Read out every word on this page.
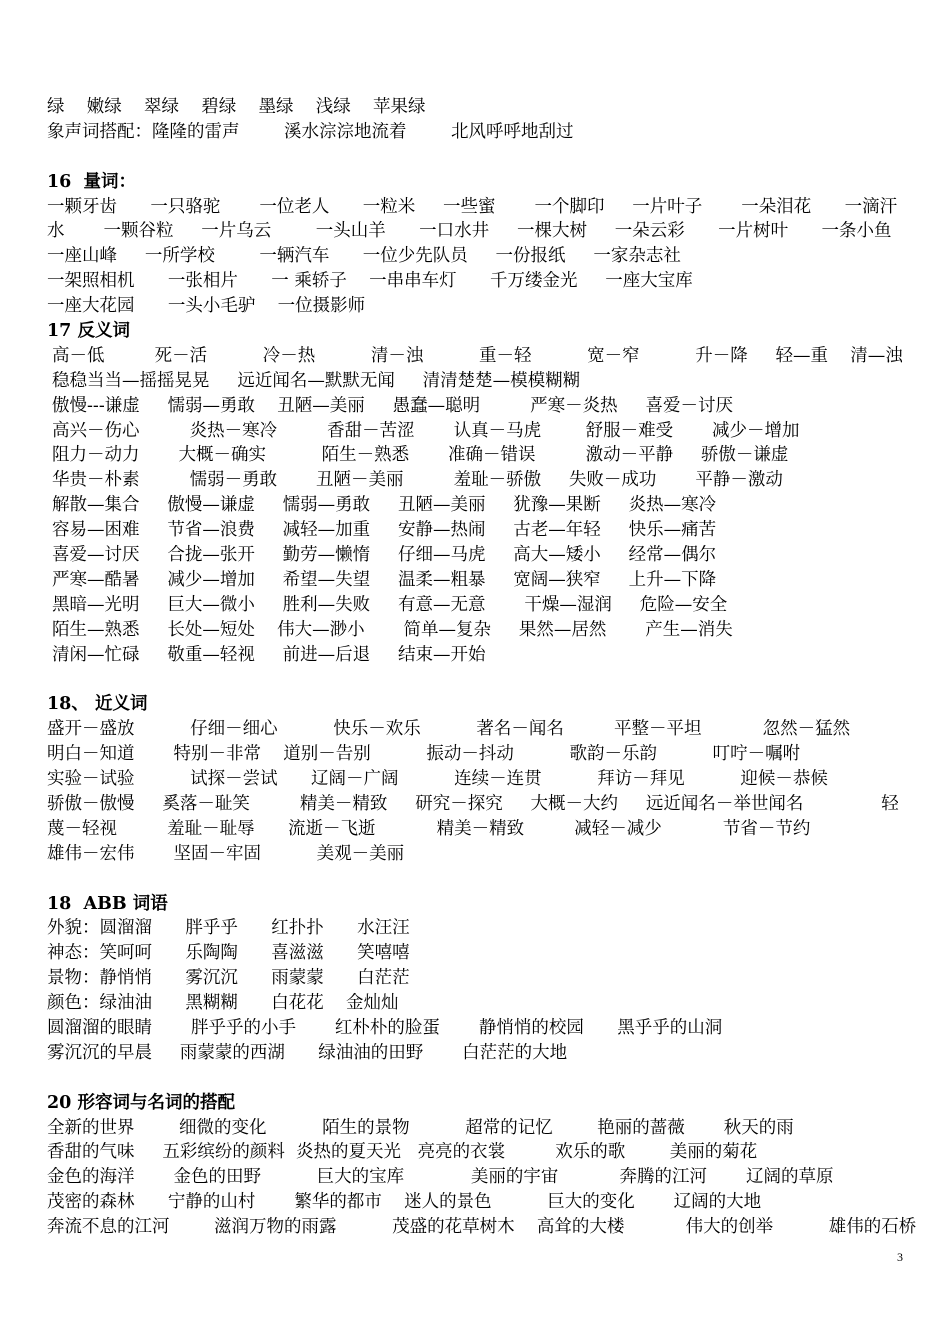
绿    嫩绿    翠绿    碧绿    墨绿    浅绿    苹果绿
象声词搭配：隆隆的雷声        溪水淙淙地流着        北风呼呼地刮过
16  量词：
一颗牙齿      一只骆驼       一位老人      一粒米     一些蜜       一个脚印     一片叶子       一朵泪花      一滴汗
水       一颗谷粒     一片乌云        一头山羊      一口水井     一棵大树     一朵云彩      一片树叶      一条小鱼
一座山峰     一所学校        一辆汽车      一位少先队员     一份报纸     一家杂志社
一架照相机      一张相片      一 乘轿子    一串串车灯      千万缕金光     一座大宝库
一座大花园      一头小毛驴    一位摄影师
17 反义词
高－低         死－活          冷－热          清－浊          重－轻          宽－窄          升－降     轻—重    清—浊
稳稳当当—摇摇晃晃     远近闻名—默默无闻     清清楚楚—模模糊糊
傲慢---谦虚     懦弱—勇敢    丑陋—美丽     愚蠢—聪明         严寒－炎热     喜爱－讨厌
高兴－伤心         炎热－寒冷         香甜－苦涩       认真－马虎        舒服－难受       减少－增加
阻力－动力       大概－确实          陌生－熟悉       准确－错误         激动－平静     骄傲－谦虚
华贵－朴素         懦弱－勇敢       丑陋－美丽         羞耻－骄傲     失败－成功       平静－激动
解散—集合     傲慢—谦虚     懦弱—勇敢     丑陋—美丽     犹豫—果断     炎热—寒冷
容易—困难     节省—浪费     减轻—加重     安静—热闹     古老—年轻     快乐—痛苦
喜爱—讨厌     合拢—张开     勤劳—懒惰     仔细—马虎     高大—矮小     经常—偶尔
严寒—酷暑     减少—增加     希望—失望     温柔—粗暴     宽阔—狭窄     上升—下降
黑暗—光明     巨大—微小     胜利—失败     有意—无意       干燥—湿润     危险—安全
陌生—熟悉     长处—短处    伟大—渺小       简单—复杂     果然—居然       产生—消失
清闲—忙碌     敬重—轻视     前进—后退     结束—开始
18、 近义词
盛开－盛放          仔细－细心          快乐－欢乐          著名－闻名         平整－平坦           忽然－猛然
明白－知道       特别－非常    道别－告别          振动－抖动          歌韵－乐韵          叮咛－嘱咐
实验－试验          试探－尝试      辽阔－广阔          连续－连贯          拜访－拜见          迎候－恭候
骄傲－傲慢     奚落－耻笑         精美－精致     研究－探究     大概－大约     远近闻名－举世闻名              轻
蔑－轻视         羞耻－耻辱      流逝－飞逝           精美－精致         减轻－减少           节省－节约
雄伟－宏伟       坚固－牢固          美观－美丽
18  ABB 词语
外貌：圆溜溜      胖乎乎      红扑扑      水汪汪
神态：笑呵呵      乐陶陶      喜滋滋      笑嘻嘻
景物：静悄悄      雾沉沉      雨蒙蒙      白茫茫
颜色：绿油油      黑糊糊      白花花    金灿灿
圆溜溜的眼睛       胖乎乎的小手       红朴朴的脸蛋       静悄悄的校园      黑乎乎的山洞
雾沉沉的早晨     雨蒙蒙的西湖      绿油油的田野       白茫茫的大地
20 形容词与名词的搭配
全新的世界        细微的变化          陌生的景物          超常的记忆        艳丽的蔷薇       秋天的雨
香甜的气味     五彩缤纷的颜料  炎热的夏天光   亮亮的衣裳         欢乐的歌        美丽的菊花
金色的海洋       金色的田野          巨大的宝库            美丽的宇宙           奔腾的江河       辽阔的草原
茂密的森林      宁静的山村       繁华的都市    迷人的景色          巨大的变化       辽阔的大地
奔流不息的江河        滋润万物的雨露          茂盛的花草树木    高耸的大楼           伟大的创举          雄伟的石桥
3
